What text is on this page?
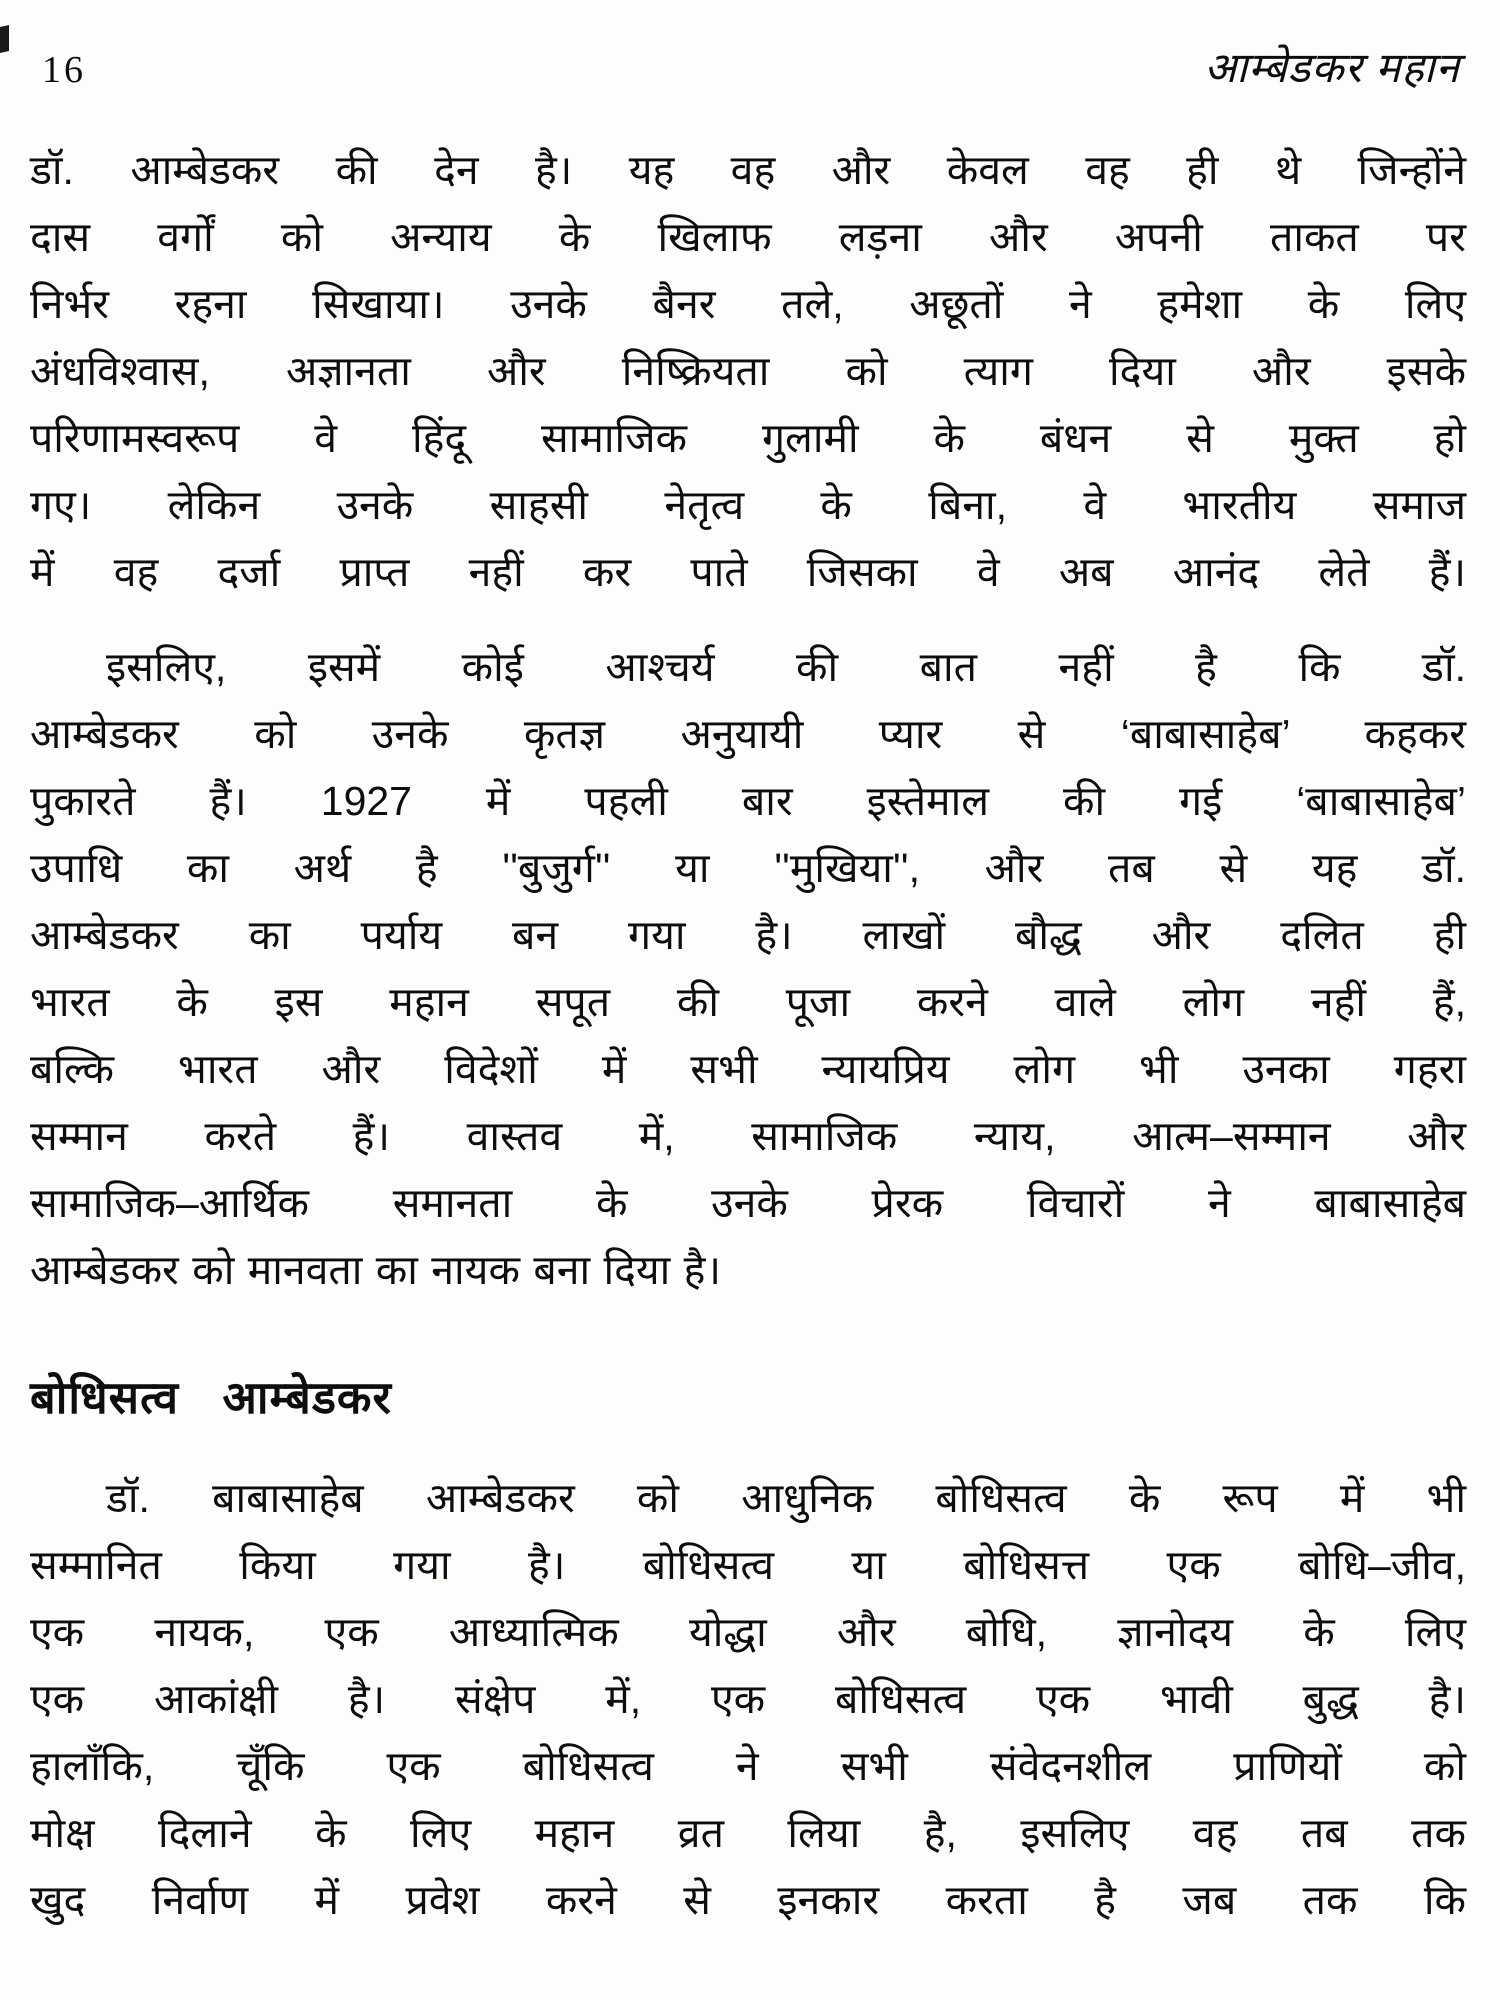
16	आम्बेडकर महान
डॉ. आम्बेडकर की देन है। यह वह और केवल वह ही थे जिन्होंने
दास वर्गों को अन्याय के खिलाफ लड़ना और अपनी ताकत पर
निर्भर रहना सिखाया। उनके बैनर तले, अछूतों ने हमेशा के लिए
अंधविश्वास, अज्ञानता और निष्क्रियता को त्याग दिया और इसके
परिणामस्वरूप वे हिंदू सामाजिक गुलामी के बंधन से मुक्त हो
गए। लेकिन उनके साहसी नेतृत्व के बिना, वे भारतीय समाज
में वह दर्जा प्राप्त नहीं कर पाते जिसका वे अब आनंद लेते हैं।
इसलिए, इसमें कोई आश्चर्य की बात नहीं है कि डॉ.
आम्बेडकर को उनके कृतज्ञ अनुयायी प्यार से ‘बाबासाहेब’ कहकर
पुकारते हैं। 1927 में पहली बार इस्तेमाल की गई ‘बाबासाहेब’
उपाधि का अर्थ है ''बुजुर्ग'' या ''मुखिया'', और तब से यह डॉ.
आम्बेडकर का पर्याय बन गया है। लाखों बौद्ध और दलित ही
भारत के इस महान सपूत की पूजा करने वाले लोग नहीं हैं,
बल्कि भारत और विदेशों में सभी न्यायप्रिय लोग भी उनका गहरा
सम्मान करते हैं। वास्तव में, सामाजिक न्याय, आत्म–सम्मान और
सामाजिक–आर्थिक समानता के उनके प्रेरक विचारों ने बाबासाहेब
आम्बेडकर को मानवता का नायक बना दिया है।
बोधिसत्व आम्बेडकर
डॉ. बाबासाहेब आम्बेडकर को आधुनिक बोधिसत्व के रूप में भी
सम्मानित किया गया है। बोधिसत्व या बोधिसत्त एक बोधि–जीव,
एक नायक, एक आध्यात्मिक योद्धा और बोधि, ज्ञानोदय के लिए
एक आकांक्षी है। संक्षेप में, एक बोधिसत्व एक भावी बुद्ध है।
हालाँकि, चूँकि एक बोधिसत्व ने सभी संवेदनशील प्राणियों को
मोक्ष दिलाने के लिए महान व्रत लिया है, इसलिए वह तब तक
खुद निर्वाण में प्रवेश करने से इनकार करता है जब तक कि
